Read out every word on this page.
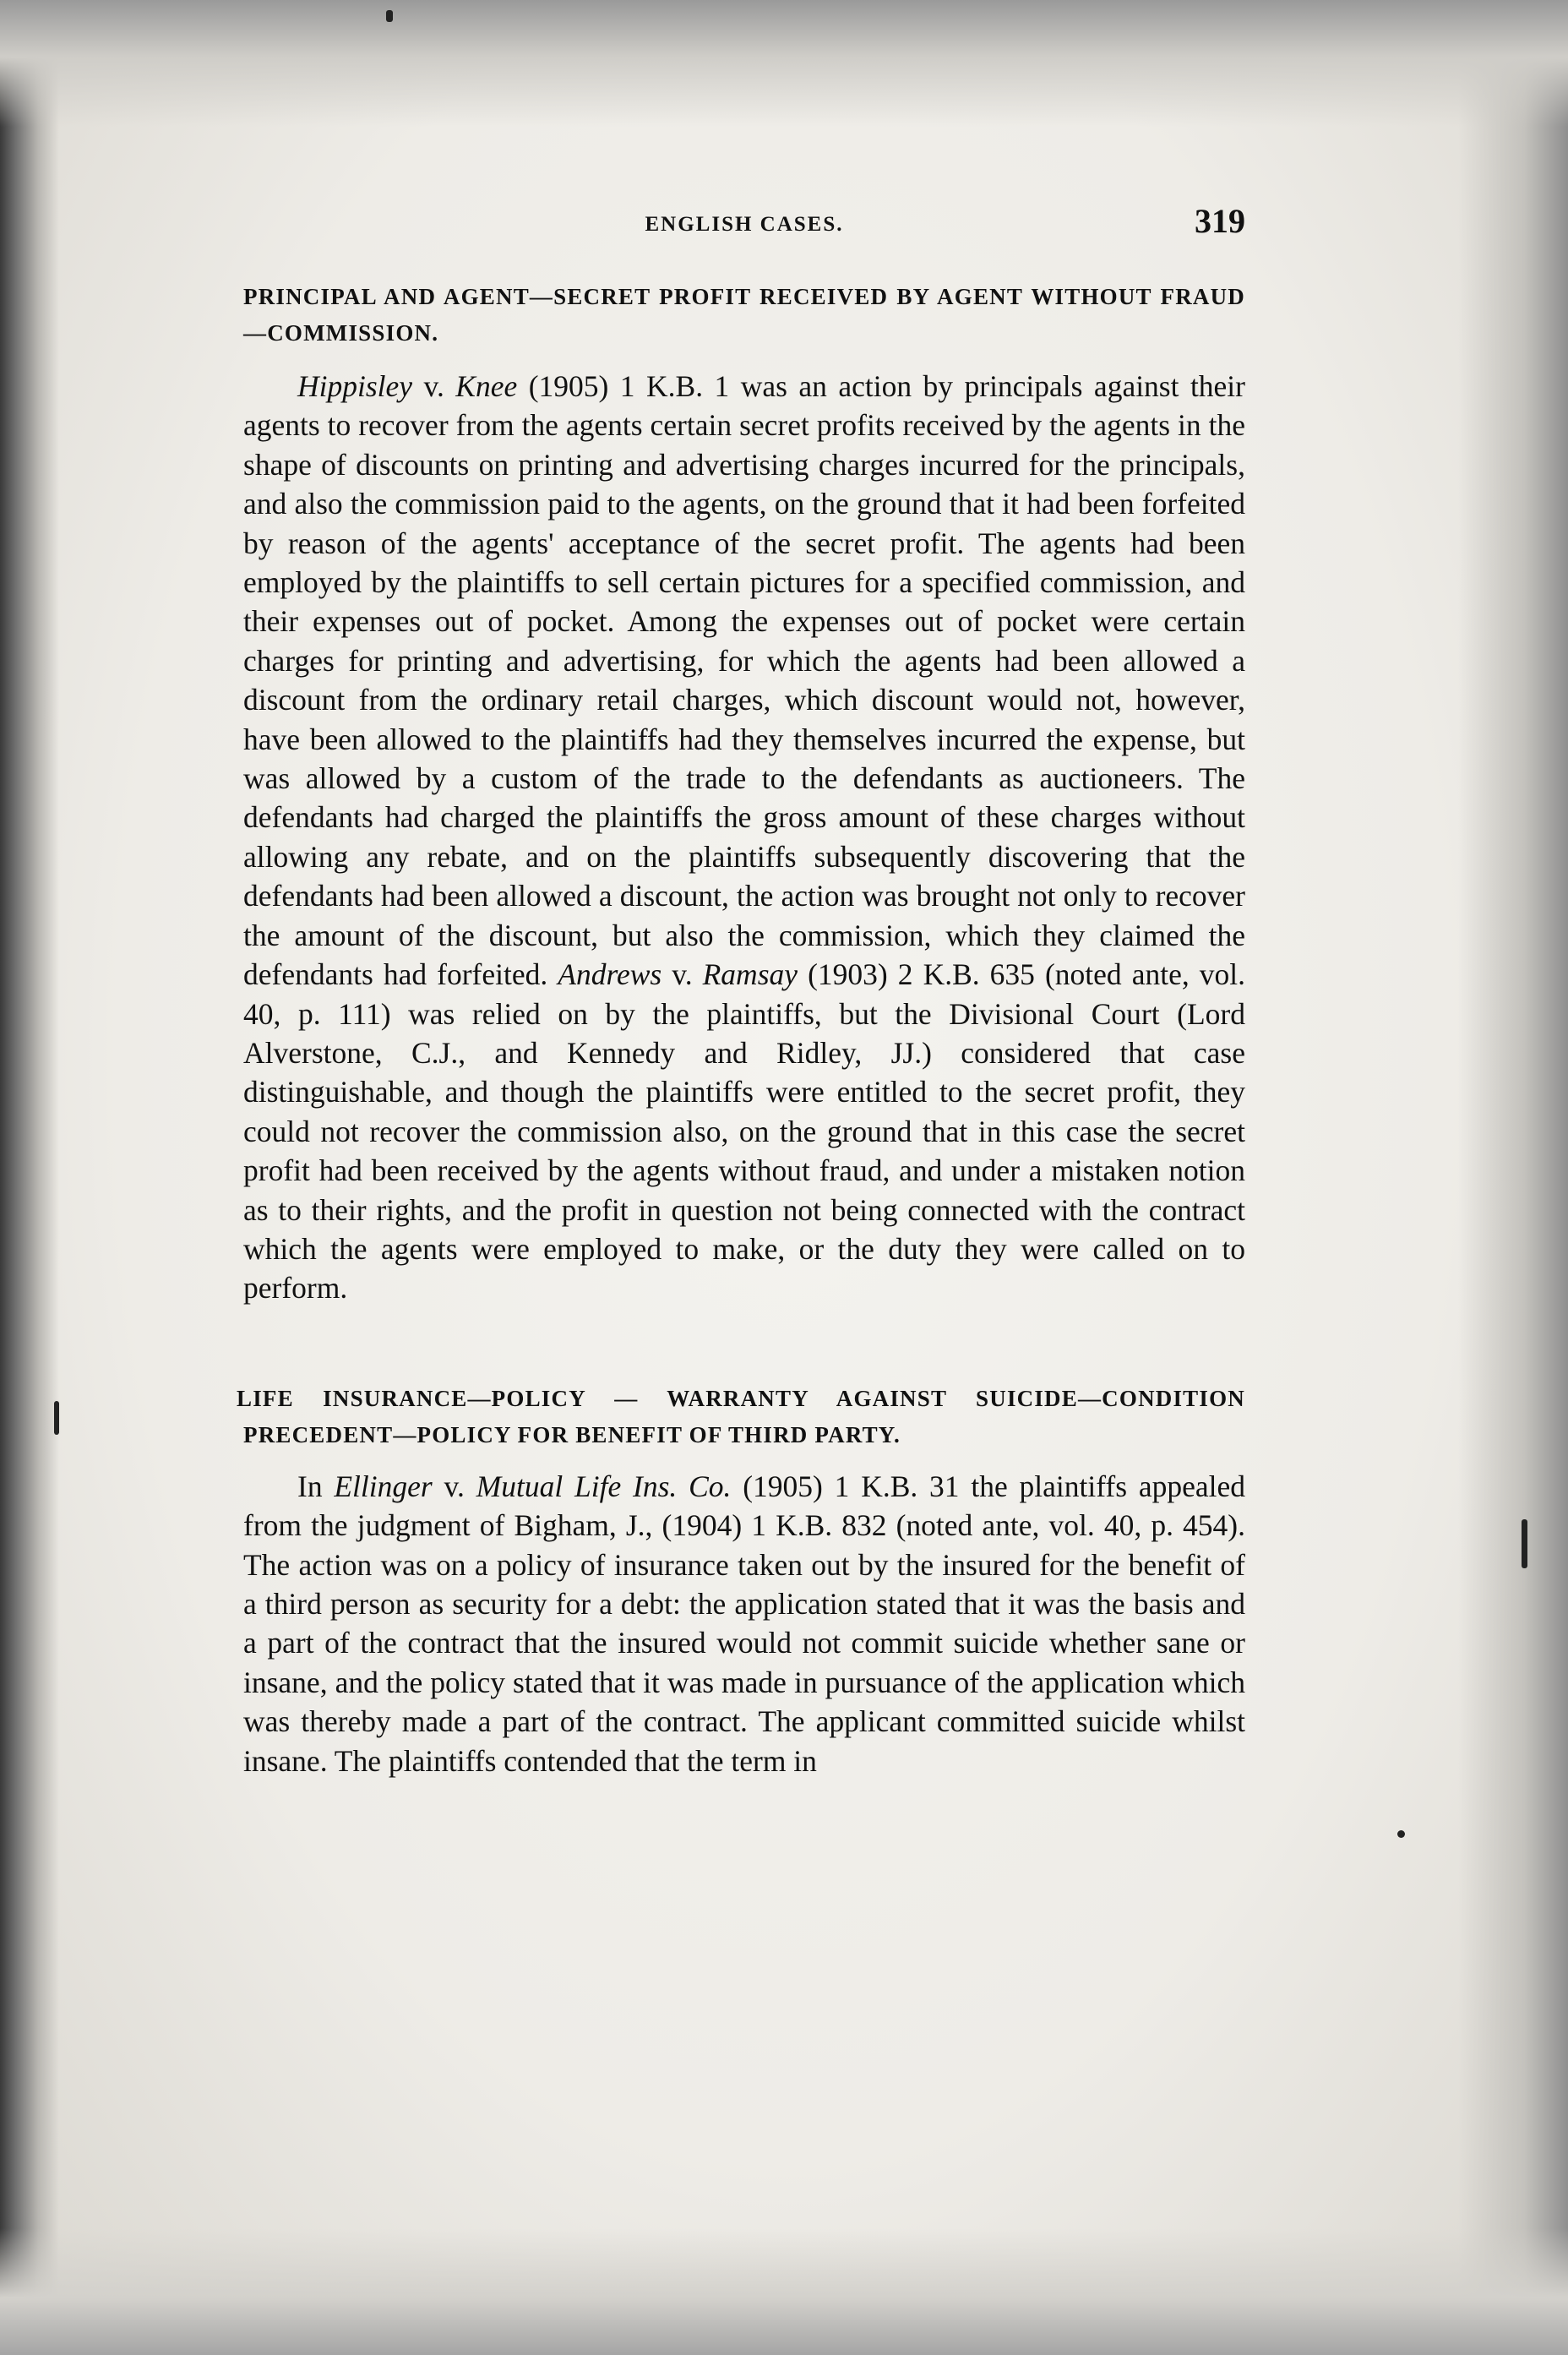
ENGLISH CASES.	319
PRINCIPAL AND AGENT—SECRET PROFIT RECEIVED BY AGENT WITHOUT FRAUD—COMMISSION.

Hippisley v. Knee (1905) 1 K.B. 1 was an action by principals against their agents to recover from the agents certain secret profits received by the agents in the shape of discounts on printing and advertising charges incurred for the principals, and also the commission paid to the agents, on the ground that it had been forfeited by reason of the agents' acceptance of the secret profit. The agents had been employed by the plaintiffs to sell certain pictures for a specified commission, and their expenses out of pocket. Among the expenses out of pocket were certain charges for printing and advertising, for which the agents had been allowed a discount from the ordinary retail charges, which discount would not, however, have been allowed to the plaintiffs had they themselves incurred the expense, but was allowed by a custom of the trade to the defendants as auctioneers. The defendants had charged the plaintiffs the gross amount of these charges without allowing any rebate, and on the plaintiffs subsequently discovering that the defendants had been allowed a discount, the action was brought not only to recover the amount of the discount, but also the commission, which they claimed the defendants had forfeited. Andrews v. Ramsay (1903) 2 K.B. 635 (noted ante, vol. 40, p. 111) was relied on by the plaintiffs, but the Divisional Court (Lord Alverstone, C.J., and Kennedy and Ridley, JJ.) considered that case distinguishable, and though the plaintiffs were entitled to the secret profit, they could not recover the commission also, on the ground that in this case the secret profit had been received by the agents without fraud, and under a mistaken notion as to their rights, and the profit in question not being connected with the contract which the agents were employed to make, or the duty they were called on to perform.

LIFE INSURANCE—POLICY — WARRANTY AGAINST SUICIDE—CONDITION PRECEDENT—POLICY FOR BENEFIT OF THIRD PARTY.

In Ellinger v. Mutual Life Ins. Co. (1905) 1 K.B. 31 the plaintiffs appealed from the judgment of Bigham, J., (1904) 1 K.B. 832 (noted ante, vol. 40, p. 454). The action was on a policy of insurance taken out by the insured for the benefit of a third person as security for a debt: the application stated that it was the basis and a part of the contract that the insured would not commit suicide whether sane or insane, and the policy stated that it was made in pursuance of the application which was thereby made a part of the contract. The applicant committed suicide whilst insane. The plaintiffs contended that the term in
